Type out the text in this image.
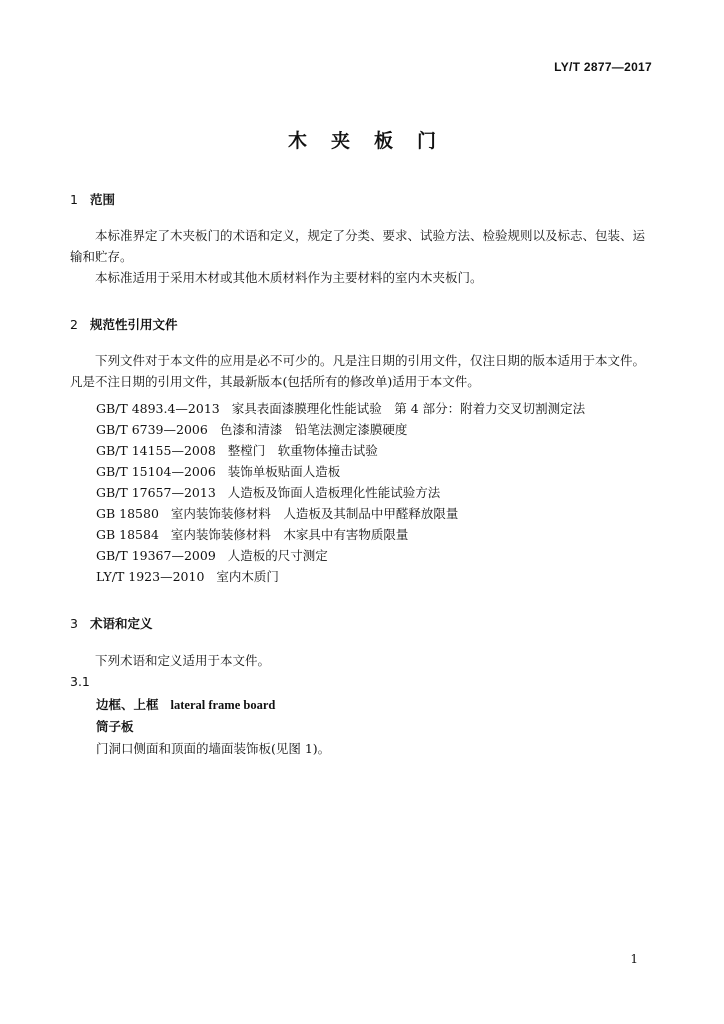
LY/T 2877—2017
木夹板门
1 范围
本标准界定了木夹板门的术语和定义，规定了分类、要求、试验方法、检验规则以及标志、包装、运输和贮存。
本标准适用于采用木材或其他木质材料作为主要材料的室内木夹板门。
2 规范性引用文件
下列文件对于本文件的应用是必不可少的。凡是注日期的引用文件，仅注日期的版本适用于本文件。凡是不注日期的引用文件，其最新版本(包括所有的修改单)适用于本文件。
GB/T 4893.4—2013 家具表面漆膜理化性能试验　第 4 部分：附着力交叉切割测定法
GB/T 6739—2006 色漆和清漆　铅笔法测定漆膜硬度
GB/T 14155—2008 整樘门　软重物体撞击试验
GB/T 15104—2006 装饰单板贴面人造板
GB/T 17657—2013 人造板及饰面人造板理化性能试验方法
GB 18580 室内装饰装修材料　人造板及其制品中甲醛释放限量
GB 18584 室内装饰装修材料　木家具中有害物质限量
GB/T 19367—2009 人造板的尺寸测定
LY/T 1923—2010 室内木质门
3 术语和定义
下列术语和定义适用于本文件。
3.1
边框、上框 lateral frame board
筒子板
门洞口侧面和顶面的墙面装饰板(见图 1)。
1
